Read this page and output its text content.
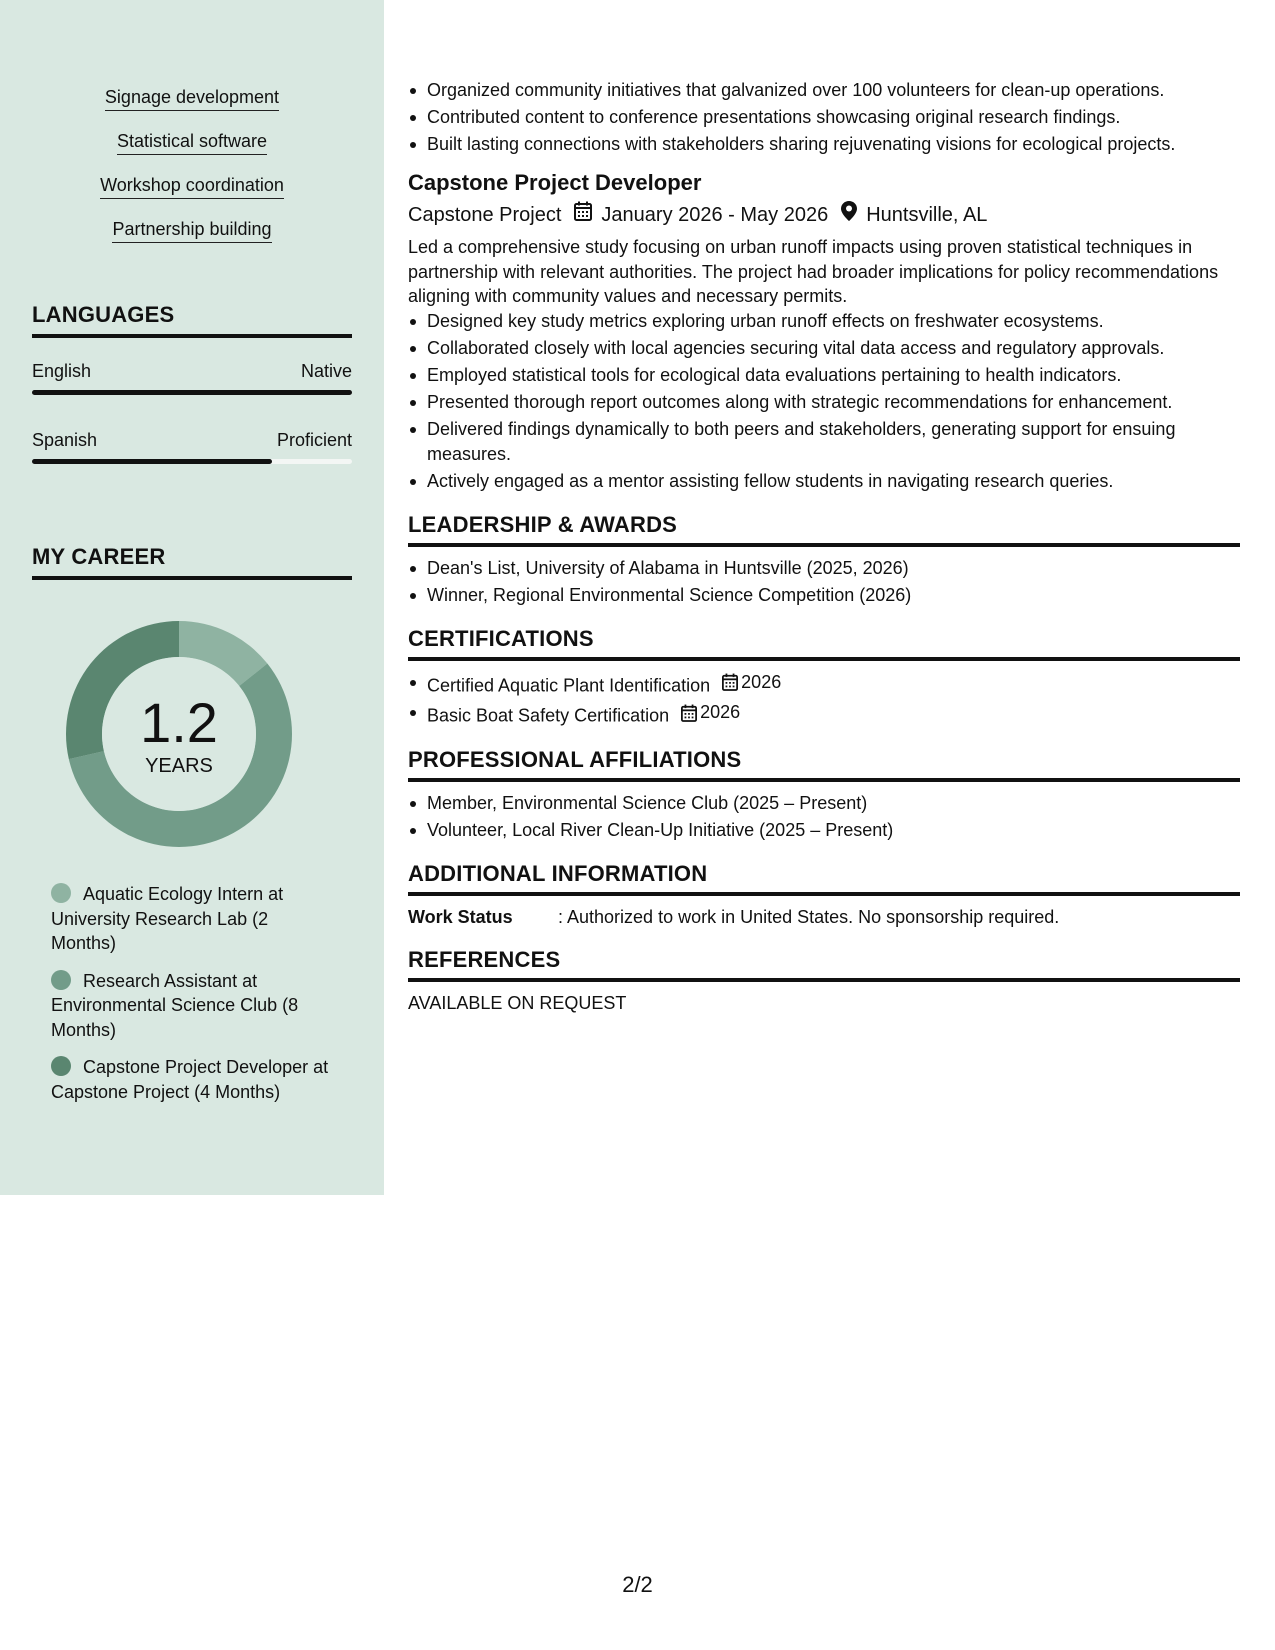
Signage development
Statistical software
Workshop coordination
Partnership building
LANGUAGES
English	Native
Spanish	Proficient
MY CAREER
1.2
YEARS
Aquatic Ecology Intern at University Research Lab (2 Months)
Research Assistant at Environmental Science Club (8 Months)
Capstone Project Developer at Capstone Project (4 Months)
Organized community initiatives that galvanized over 100 volunteers for clean-up operations.
Contributed content to conference presentations showcasing original research findings.
Built lasting connections with stakeholders sharing rejuvenating visions for ecological projects.
Capstone Project Developer
Capstone Project January 2026 - May 2026 Huntsville, AL
Led a comprehensive study focusing on urban runoff impacts using proven statistical techniques in partnership with relevant authorities. The project had broader implications for policy recommendations aligning with community values and necessary permits.
Designed key study metrics exploring urban runoff effects on freshwater ecosystems.
Collaborated closely with local agencies securing vital data access and regulatory approvals.
Employed statistical tools for ecological data evaluations pertaining to health indicators.
Presented thorough report outcomes along with strategic recommendations for enhancement.
Delivered findings dynamically to both peers and stakeholders, generating support for ensuing measures.
Actively engaged as a mentor assisting fellow students in navigating research queries.
LEADERSHIP & AWARDS
Dean's List, University of Alabama in Huntsville (2025, 2026)
Winner, Regional Environmental Science Competition (2026)
CERTIFICATIONS
Certified Aquatic Plant Identification 2026
Basic Boat Safety Certification 2026
PROFESSIONAL AFFILIATIONS
Member, Environmental Science Club (2025 – Present)
Volunteer, Local River Clean-Up Initiative (2025 – Present)
ADDITIONAL INFORMATION
Work Status	: Authorized to work in United States. No sponsorship required.
REFERENCES
AVAILABLE ON REQUEST
2/2
